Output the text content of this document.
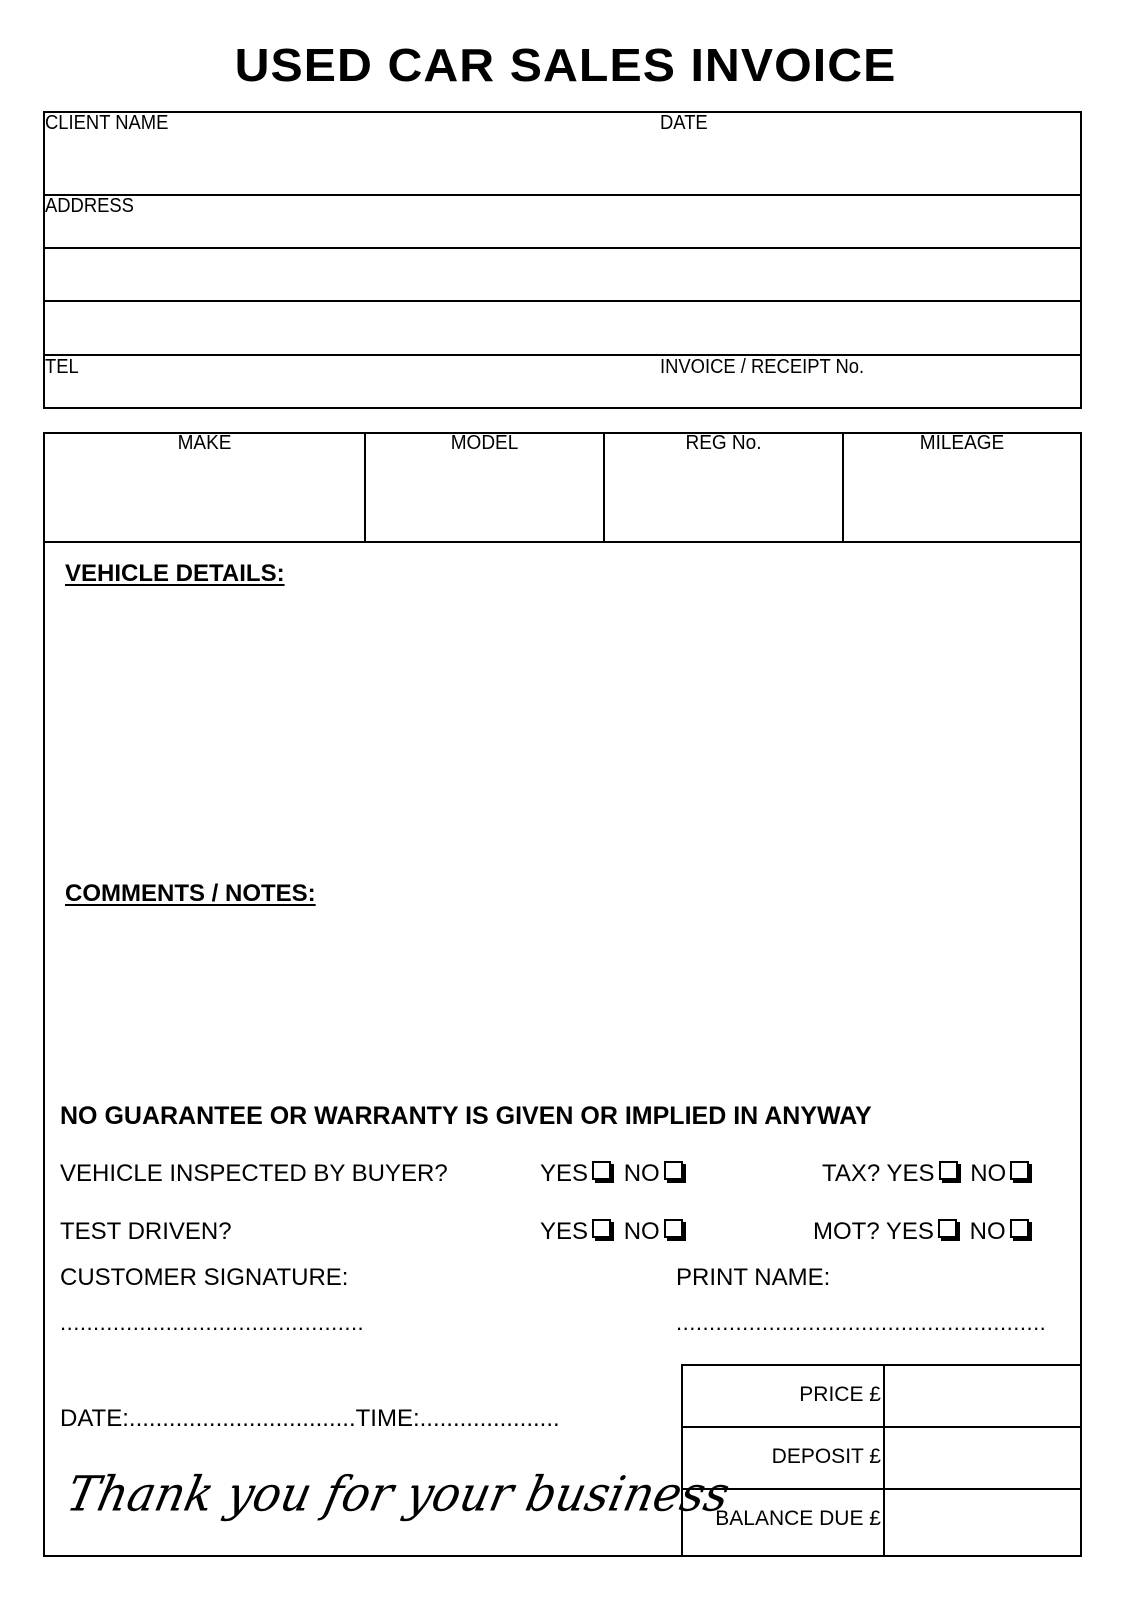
USED CAR SALES INVOICE
CLIENT NAME	DATE
ADDRESS
TEL	INVOICE / RECEIPT No.
MAKE	MODEL	REG No.	MILEAGE
VEHICLE DETAILS:
COMMENTS / NOTES:
NO GUARANTEE OR WARRANTY IS GIVEN OR IMPLIED IN ANYWAY
VEHICLE INSPECTED BY BUYER?	YES NO	TAX? YES NO
TEST DRIVEN?	YES NO	MOT? YES NO
CUSTOMER SIGNATURE:
..............................................
PRINT NAME:
........................................................
DATE:..................................TIME:.....................
Thank you for your business
PRICE £
DEPOSIT £
BALANCE DUE £
